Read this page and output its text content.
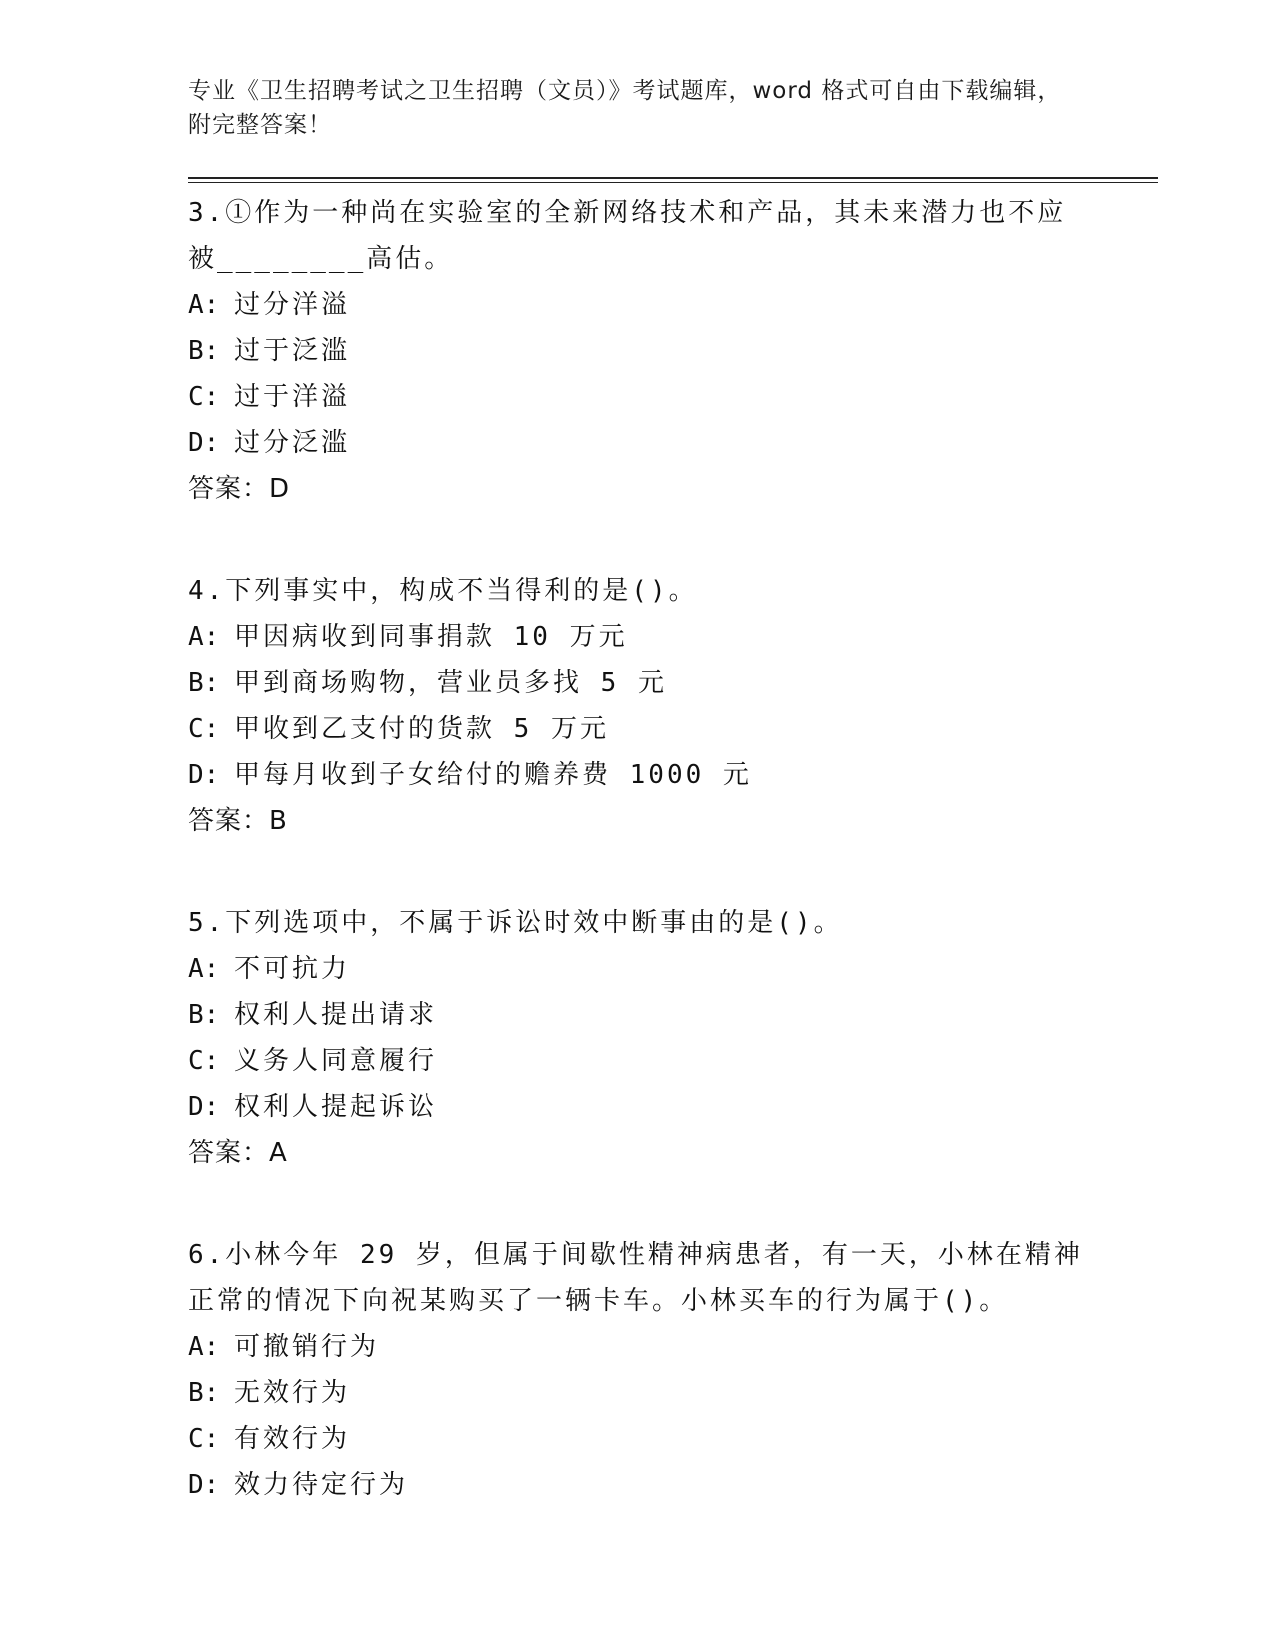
专业《卫生招聘考试之卫生招聘（文员）》考试题库，word 格式可自由下载编辑，附完整答案！
3.①作为一种尚在实验室的全新网络技术和产品，其未来潜力也不应被________高估。
A: 过分洋溢
B: 过于泛滥
C: 过于洋溢
D: 过分泛滥
答案：D
4.下列事实中，构成不当得利的是()。
A: 甲因病收到同事捐款 10 万元
B: 甲到商场购物，营业员多找 5 元
C: 甲收到乙支付的货款 5 万元
D: 甲每月收到子女给付的赡养费 1000 元
答案：B
5.下列选项中，不属于诉讼时效中断事由的是()。
A: 不可抗力
B: 权利人提出请求
C: 义务人同意履行
D: 权利人提起诉讼
答案：A
6.小林今年 29 岁，但属于间歇性精神病患者，有一天，小林在精神正常的情况下向祝某购买了一辆卡车。小林买车的行为属于()。
A: 可撤销行为
B: 无效行为
C: 有效行为
D: 效力待定行为
